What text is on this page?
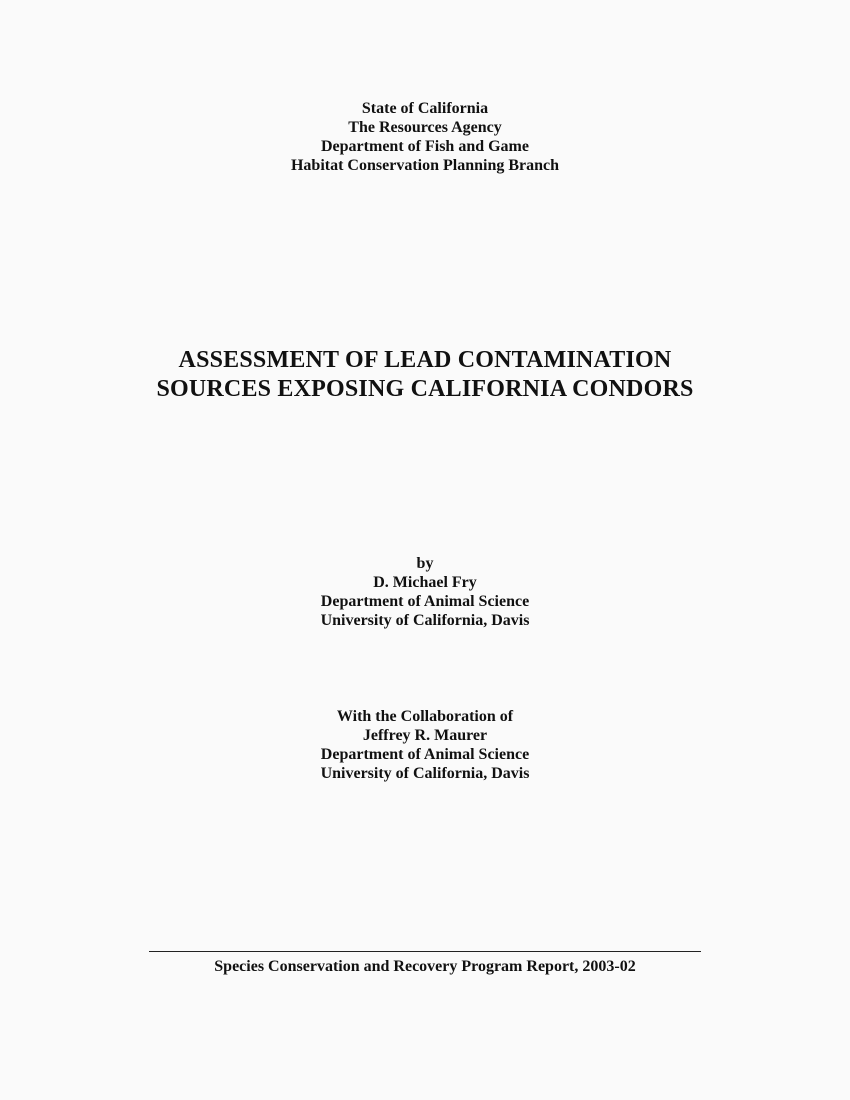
State of California
The Resources Agency
Department of Fish and Game
Habitat Conservation Planning Branch
ASSESSMENT OF LEAD CONTAMINATION
SOURCES EXPOSING CALIFORNIA CONDORS
by
D. Michael Fry
Department of Animal Science
University of California, Davis
With the Collaboration of
Jeffrey R. Maurer
Department of Animal Science
University of California, Davis
Species Conservation and Recovery Program Report, 2003-02
